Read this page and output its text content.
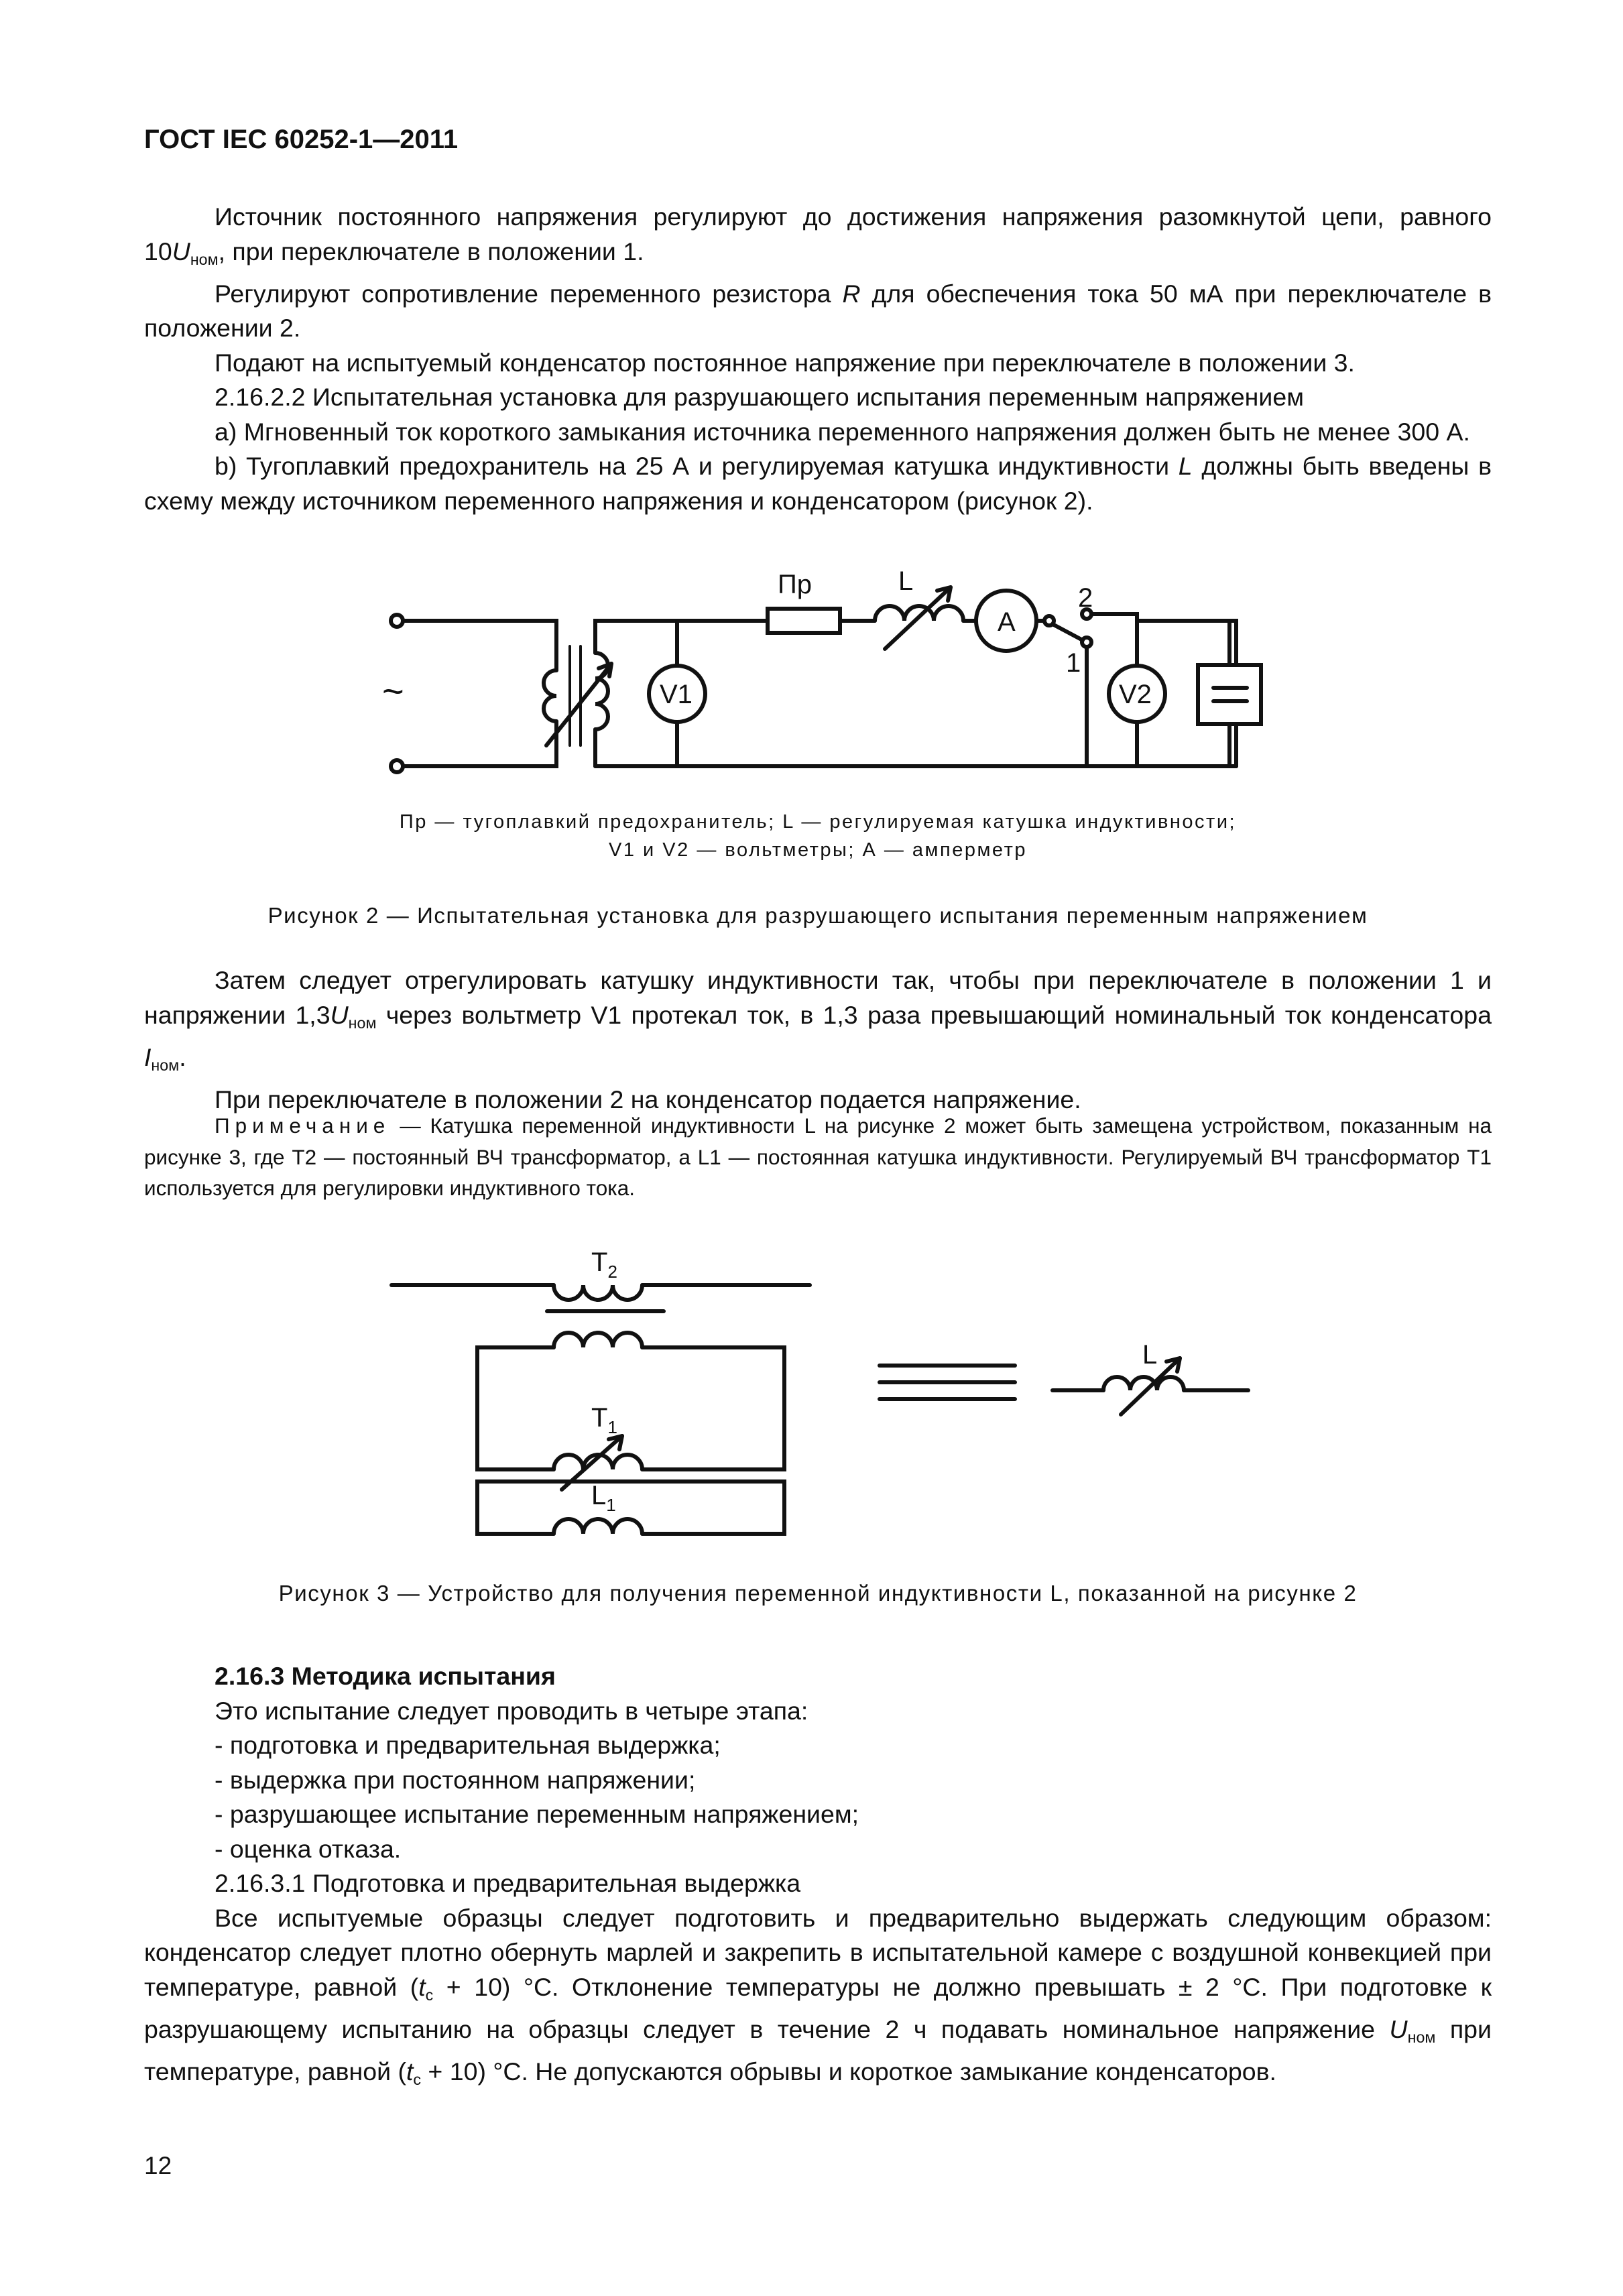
ГОСТ IEC 60252-1—2011

Источник постоянного напряжения регулируют до достижения напряжения разомкнутой цепи, равного $10U_{ном}$, при переключателе в положении 1.

Регулируют сопротивление переменного резистора R для обеспечения тока 50 мА при переключателе в положении 2.

Подают на испытуемый конденсатор постоянное напряжение при переключателе в положении 3.

2.16.2.2 Испытательная установка для разрушающего испытания переменным напряжением

а) Мгновенный ток короткого замыкания источника переменного напряжения должен быть не менее 300 А.

b) Тугоплавкий предохранитель на 25 А и регулируемая катушка индуктивности L должны быть введены в схему между источником переменного напряжения и конденсатором (рисунок 2).

Пр	L
A
2
1
V1	V2
~
Пр — тугоплавкий предохранитель; L — регулируемая катушка индуктивности;
V1 и V2 — вольтметры; А — амперметр
Рисунок 2 — Испытательная установка для разрушающего испытания переменным напряжением

Затем следует отрегулировать катушку индуктивности так, чтобы при переключателе в положении 1 и напряжении $1,3U_{ном}$ через вольтметр V1 протекал ток, в 1,3 раза превышающий номинальный ток конденсатора $I_{ном}$.

При переключателе в положении 2 на конденсатор подается напряжение.

Примечание — Катушка переменной индуктивности L на рисунке 2 может быть замещена устройством, показанным на рисунке 3, где T2 — постоянный ВЧ трансформатор, а L1 — постоянная катушка индуктивности. Регулируемый ВЧ трансформатор T1 используется для регулировки индуктивного тока.

$T_2$
$T_1$
$L_1$
L
Рисунок 3 — Устройство для получения переменной индуктивности L, показанной на рисунке 2

2.16.3 Методика испытания

Это испытание следует проводить в четыре этапа:

- подготовка и предварительная выдержка;

- выдержка при постоянном напряжении;

- разрушающее испытание переменным напряжением;

- оценка отказа.

2.16.3.1 Подготовка и предварительная выдержка

Все испытуемые образцы следует подготовить и предварительно выдержать следующим образом: конденсатор следует плотно обернуть марлей и закрепить в испытательной камере с воздушной конвекцией при температуре, равной $(t_c + 10)$ °С. Отклонение температуры не должно превышать ± 2 °С. При подготовке к разрушающему испытанию на образцы следует в течение 2 ч подавать номинальное напряжение $U_{ном}$ при температуре, равной $(t_c + 10)$ °С. Не допускаются обрывы и короткое замыкание конденсаторов.

12
